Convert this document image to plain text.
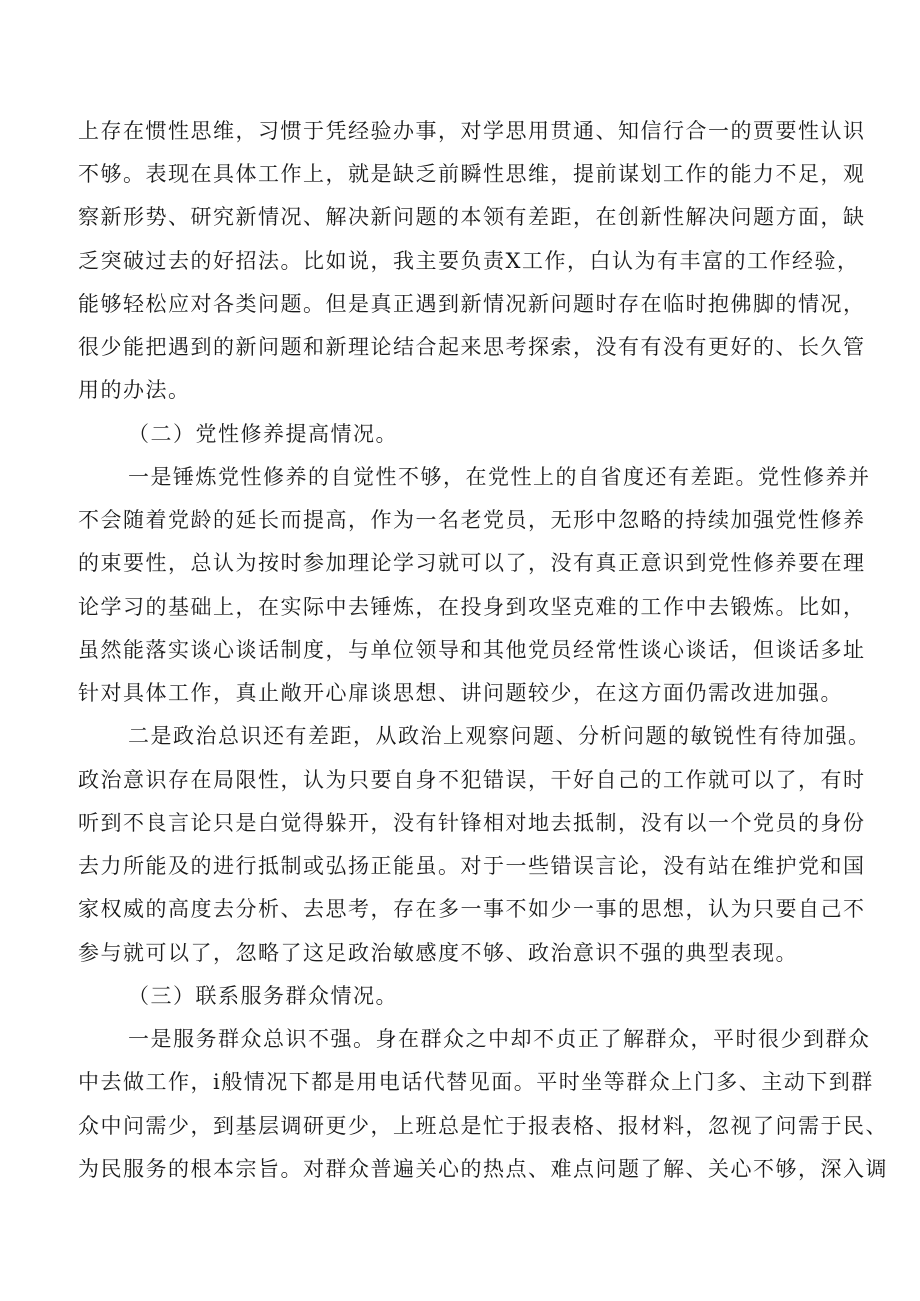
上存在惯性思维，习惯于凭经验办事，对学思用贯通、知信行合一的贾要性认识
不够。表现在具体工作上，就是缺乏前瞬性思维，提前谋划工作的能力不足，观
察新形势、研究新情况、解决新问题的本领有差距，在创新性解决问题方面，缺
乏突破过去的好招法。比如说，我主要负责X工作，白认为有丰富的工作经验，
能够轻松应对各类问题。但是真正遇到新情况新问题时存在临时抱佛脚的情况，
很少能把遇到的新问题和新理论结合起来思考探索，没有有没有更好的、长久管
用的办法。
（二）党性修养提高情况。
一是锤炼党性修养的自觉性不够，在党性上的自省度还有差距。党性修养并
不会随着党龄的延长而提高，作为一名老党员，无形中忽略的持续加强党性修养
的束要性，总认为按时参加理论学习就可以了，没有真正意识到党性修养要在理
论学习的基础上，在实际中去锤炼，在投身到攻坚克难的工作中去锻炼。比如，
虽然能落实谈心谈话制度，与单位领导和其他党员经常性谈心谈话，但谈话多址
针对具体工作，真止敞开心扉谈思想、讲问题较少，在这方面仍需改进加强。
二是政治总识还有差距，从政治上观察问题、分析问题的敏锐性有待加强。
政治意识存在局限性，认为只要自身不犯错误，干好自己的工作就可以了，有时
听到不良言论只是白觉得躲开，没有针锋相对地去抵制，没有以一个党员的身份
去力所能及的进行抵制或弘扬正能虽。对于一些错误言论，没有站在维护党和国
家权威的高度去分析、去思考，存在多一事不如少一事的思想，认为只要自己不
参与就可以了，忽略了这足政治敏感度不够、政治意识不强的典型表现。
（三）联系服务群众情况。
一是服务群众总识不强。身在群众之中却不贞正了解群众，平时很少到群众
中去做工作，i般情况下都是用电话代替见面。平时坐等群众上门多、主动下到群
众中问需少，到基层调研更少，上班总是忙于报表格、报材料，忽视了问需于民、
为民服务的根本宗旨。对群众普遍关心的热点、难点问题了解、关心不够，深入调
